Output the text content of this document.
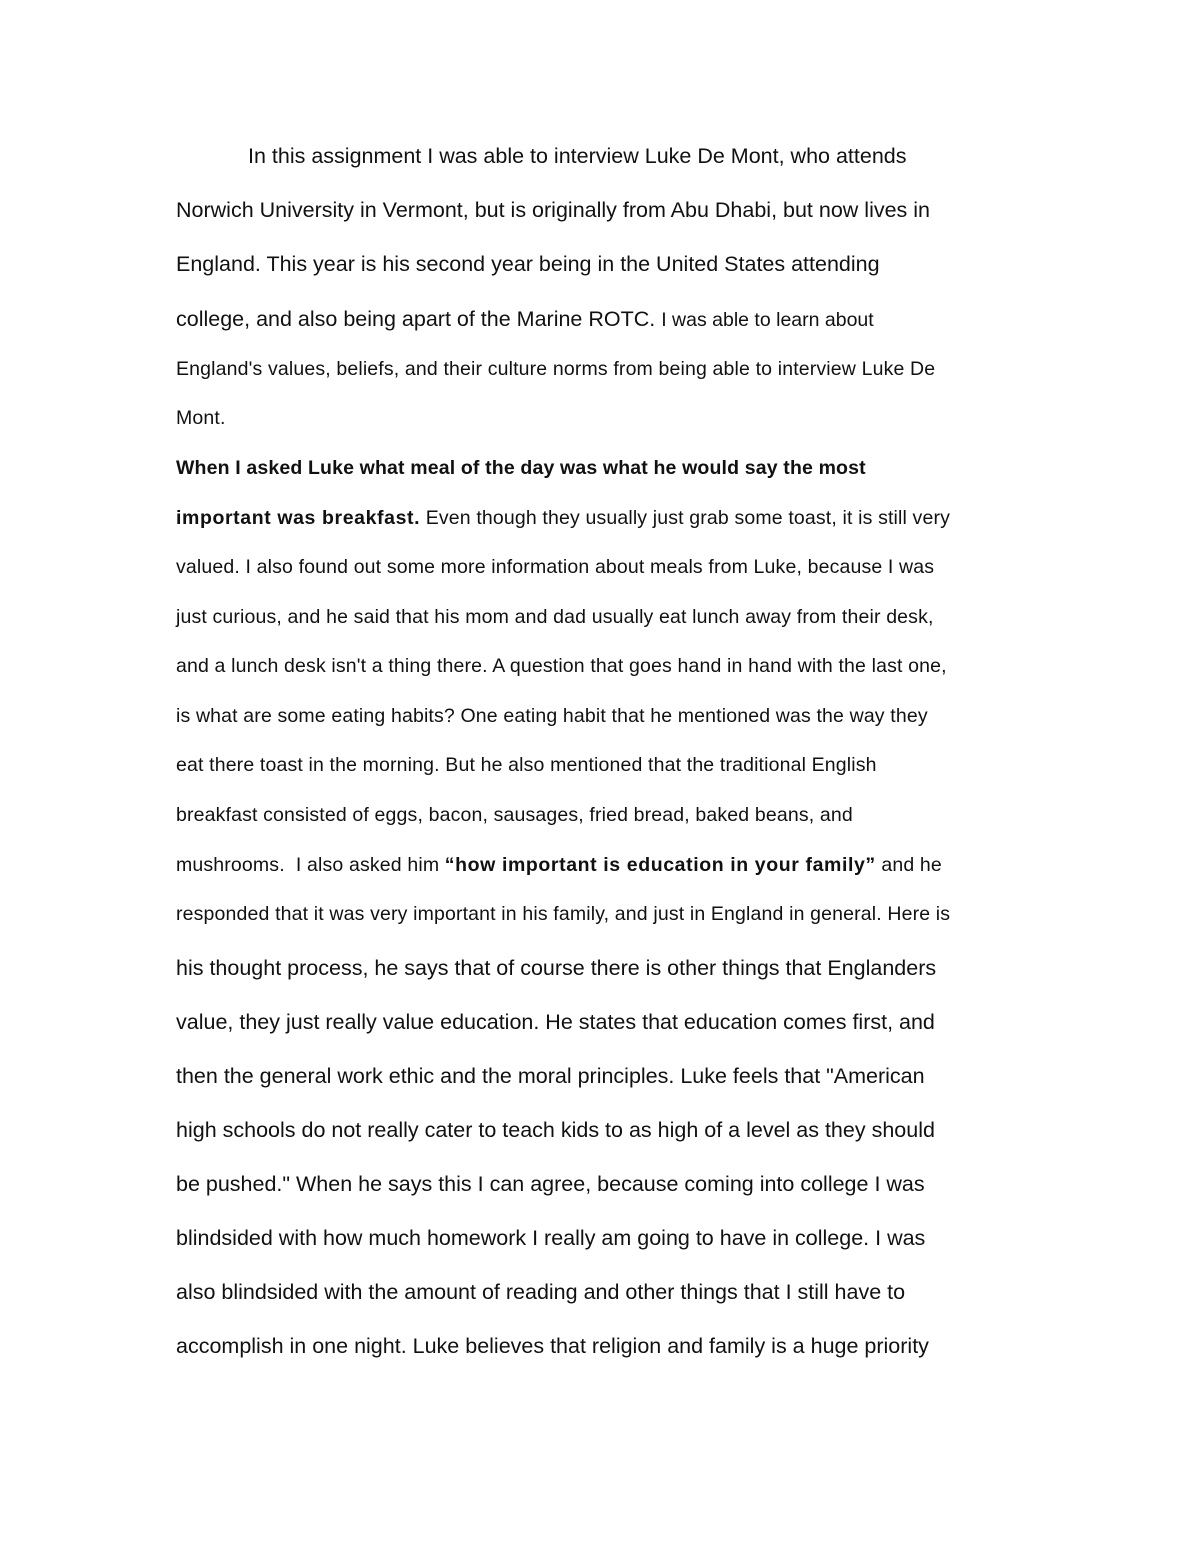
In this assignment I was able to interview Luke De Mont, who attends
Norwich University in Vermont, but is originally from Abu Dhabi, but now lives in
England. This year is his second year being in the United States attending
college, and also being apart of the Marine ROTC. I was able to learn about
England's values, beliefs, and their culture norms from being able to interview Luke De
Mont.
When I asked Luke what meal of the day was what he would say the most
important was breakfast. Even though they usually just grab some toast, it is still very
valued. I also found out some more information about meals from Luke, because I was
just curious, and he said that his mom and dad usually eat lunch away from their desk,
and a lunch desk isn't a thing there. A question that goes hand in hand with the last one,
is what are some eating habits? One eating habit that he mentioned was the way they
eat there toast in the morning. But he also mentioned that the traditional English
breakfast consisted of eggs, bacon, sausages, fried bread, baked beans, and
mushrooms.  I also asked him “how important is education in your family” and he
responded that it was very important in his family, and just in England in general. Here is
his thought process, he says that of course there is other things that Englanders
value, they just really value education. He states that education comes first, and
then the general work ethic and the moral principles. Luke feels that "American
high schools do not really cater to teach kids to as high of a level as they should
be pushed." When he says this I can agree, because coming into college I was
blindsided with how much homework I really am going to have in college. I was
also blindsided with the amount of reading and other things that I still have to
accomplish in one night. Luke believes that religion and family is a huge priority
